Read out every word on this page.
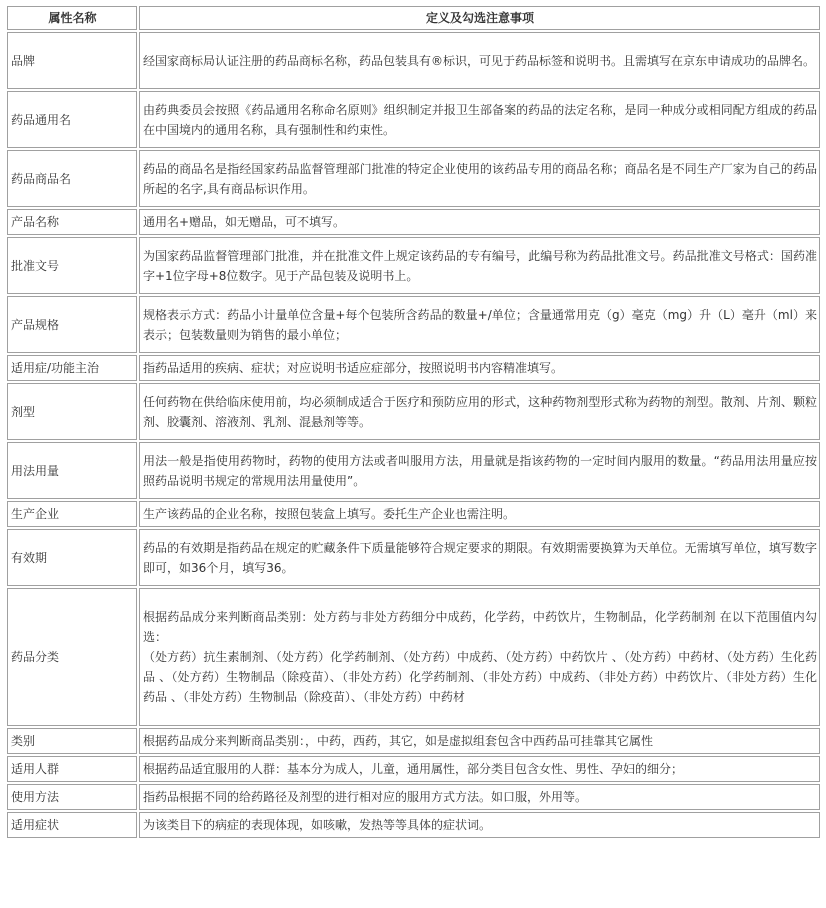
属性名称	定义及勾选注意事项
品牌	经国家商标局认证注册的药品商标名称，药品包装具有®标识，可见于药品标签和说明书。且需填写在京东申请成功的品牌名。

药品通用名	由药典委员会按照《药品通用名称命名原则》组织制定并报卫生部备案的药品的法定名称，是同一种成分或相同配方组成的药品在中国境内的通用名称，具有强制性和约束性。

药品商品名	药品的商品名是指经国家药品监督管理部门批准的特定企业使用的该药品专用的商品名称；商品名是不同生产厂家为自己的药品所起的名字,具有商品标识作用。

产品名称	通用名+赠品，如无赠品，可不填写。

批准文号	为国家药品监督管理部门批准，并在批准文件上规定该药品的专有编号，此编号称为药品批准文号。药品批准文号格式：国药准字+1位字母+8位数字。见于产品包装及说明书上。

产品规格	规格表示方式：药品小计量单位含量+每个包装所含药品的数量+/单位；含量通常用克（g）毫克（mg）升（L）毫升（ml）来表示；包装数量则为销售的最小单位；

适用症/功能主治	指药品适用的疾病、症状；对应说明书适应症部分，按照说明书内容精准填写。

剂型	任何药物在供给临床使用前，均必须制成适合于医疗和预防应用的形式，这种药物剂型形式称为药物的剂型。散剂、片剂、颗粒剂、胶囊剂、溶液剂、乳剂、混悬剂等等。

用法用量	用法一般是指使用药物时，药物的使用方法或者叫服用方法，用量就是指该药物的一定时间内服用的数量。“药品用法用量应按照药品说明书规定的常规用法用量使用”。

生产企业	生产该药品的企业名称，按照包装盒上填写。委托生产企业也需注明。

有效期	药品的有效期是指药品在规定的贮藏条件下质量能够符合规定要求的期限。有效期需要换算为天单位。无需填写单位，填写数字即可，如36个月，填写36。

药品分类	根据药品成分来判断商品类别：处方药与非处方药细分中成药，化学药，中药饮片，生物制品，化学药制剂 在以下范围值内勾选：
（处方药）抗生素制剂、（处方药）化学药制剂、（处方药）中成药、（处方药）中药饮片 、（处方药）中药材、（处方药）生化药品 、（处方药）生物制品（除疫苗）、（非处方药）化学药制剂、（非处方药）中成药、（非处方药）中药饮片、（非处方药）生化药品 、（非处方药）生物制品（除疫苗）、（非处方药）中药材

类别	根据药品成分来判断商品类别：，中药，西药，其它，如是虚拟组套包含中西药品可挂靠其它属性

适用人群	根据药品适宜服用的人群：基本分为成人，儿童，通用属性，部分类目包含女性、男性、孕妇的细分；

使用方法	指药品根据不同的给药路径及剂型的进行相对应的服用方式方法。如口服，外用等。

适用症状	为该类目下的病症的表现体现，如咳嗽，发热等等具体的症状词。
